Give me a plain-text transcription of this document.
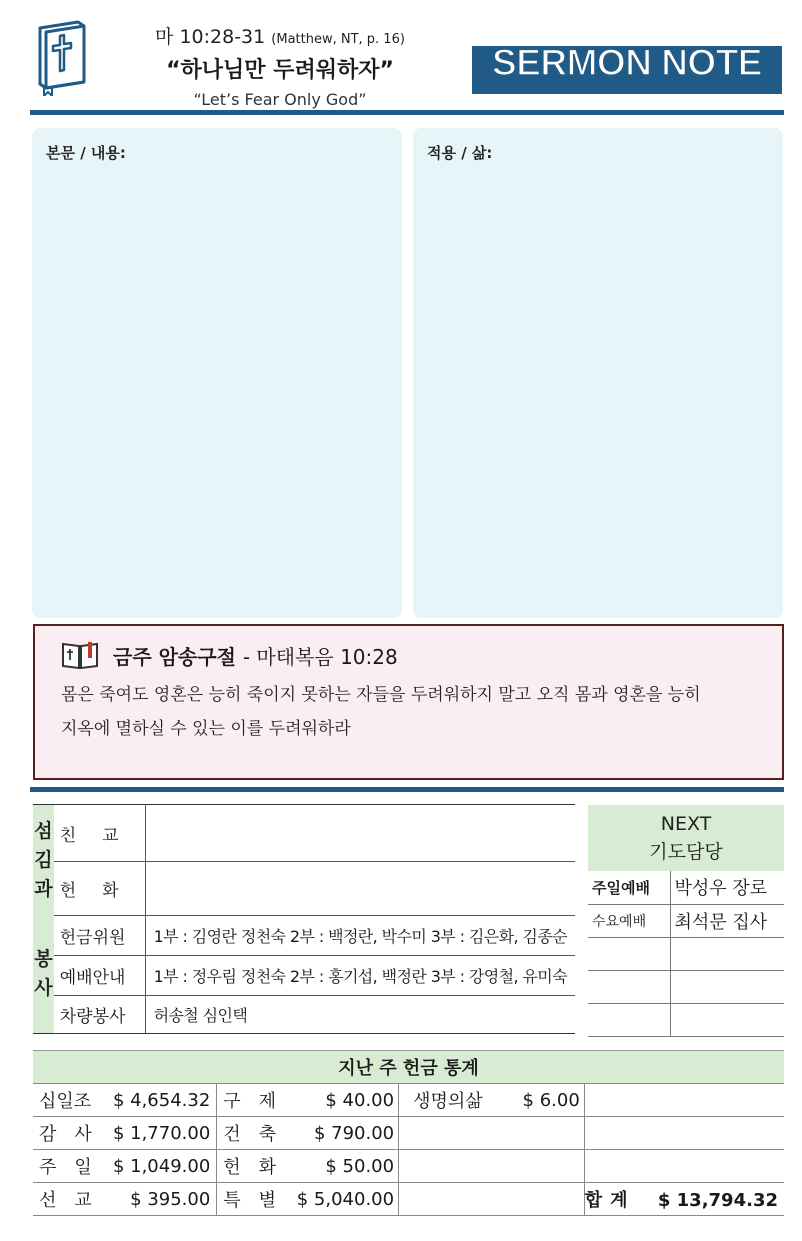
마 10:28-31 (Matthew, NT, p. 16)
“하나님만 두려워하자”
“Let’s Fear Only God”
SERMON NOTE
본문 / 내용:	적용 / 삶:
금주 암송구절 - 마태복음 10:28
몸은 죽여도 영혼은 능히 죽이지 못하는 자들을 두려워하지 말고 오직 몸과 영혼을 능히
지옥에 멸하실 수 있는 이를 두려워하라
섬
김
과	친교	
	헌화	

봉
사	헌금위원	1부 : 김영란 정천숙 2부 : 백정란, 박수미 3부 : 김은화, 김종순
	예배안내	1부 : 정우림 정천숙 2부 : 홍기섭, 백정란 3부 : 강영철, 유미숙
	차량봉사	허송철 심인택
NEXT
기도담당	

주일예배	박성우 장로
수요예배	최석문 집사

지난 주 헌금 통계						
십일조	$ 4,654.32	구　제	$ 40.00	생명의삶	$ 6.00	
감　사	$ 1,770.00	건　축	$ 790.00			
주　일	$ 1,049.00	헌　화	$ 50.00			
선　교	$ 395.00	특　별	$ 5,040.00			합계 $ 13,794.32
